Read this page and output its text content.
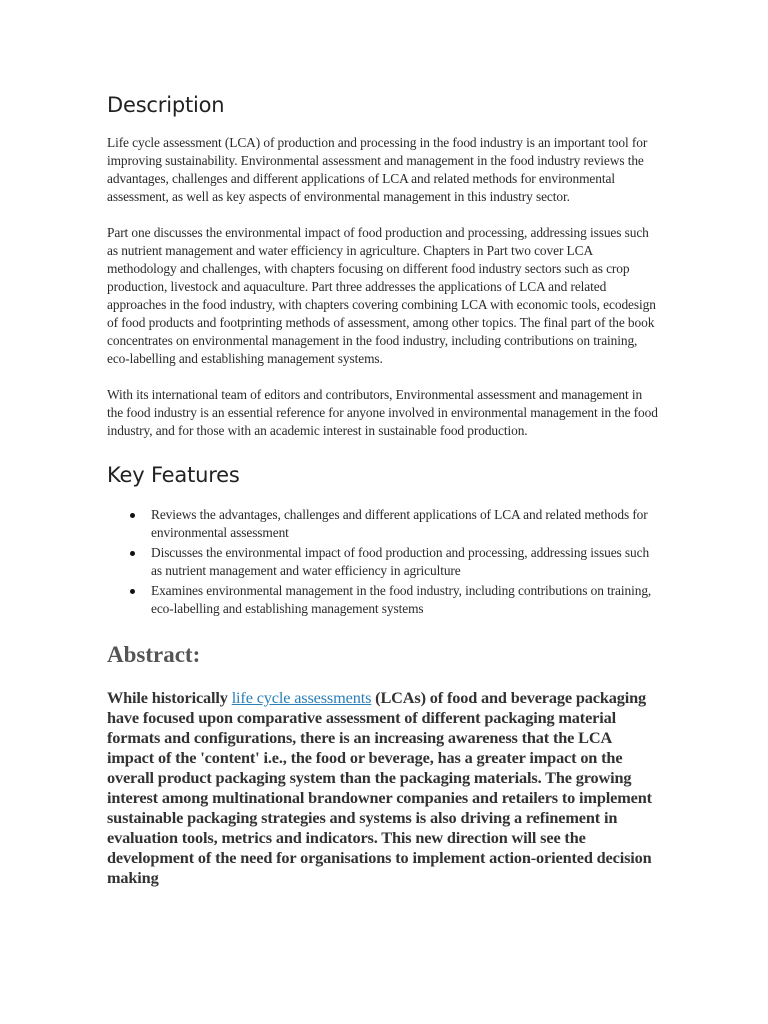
Description

Life cycle assessment (LCA) of production and processing in the food industry is an important tool for improving sustainability. Environmental assessment and management in the food industry reviews the advantages, challenges and different applications of LCA and related methods for environmental assessment, as well as key aspects of environmental management in this industry sector.

Part one discusses the environmental impact of food production and processing, addressing issues such as nutrient management and water efficiency in agriculture. Chapters in Part two cover LCA methodology and challenges, with chapters focusing on different food industry sectors such as crop production, livestock and aquaculture. Part three addresses the applications of LCA and related approaches in the food industry, with chapters covering combining LCA with economic tools, ecodesign of food products and footprinting methods of assessment, among other topics. The final part of the book concentrates on environmental management in the food industry, including contributions on training, eco-labelling and establishing management systems.

With its international team of editors and contributors, Environmental assessment and management in the food industry is an essential reference for anyone involved in environmental management in the food industry, and for those with an academic interest in sustainable food production.

Key Features
Reviews the advantages, challenges and different applications of LCA and related methods for environmental assessment
Discusses the environmental impact of food production and processing, addressing issues such as nutrient management and water efficiency in agriculture
Examines environmental management in the food industry, including contributions on training, eco-labelling and establishing management systems
Abstract:

While historically life cycle assessments (LCAs) of food and beverage packaging have focused upon comparative assessment of different packaging material formats and configurations, there is an increasing awareness that the LCA impact of the 'content' i.e., the food or beverage, has a greater impact on the overall product packaging system than the packaging materials. The growing interest among multinational brandowner companies and retailers to implement sustainable packaging strategies and systems is also driving a refinement in evaluation tools, metrics and indicators. This new direction will see the development of the need for organisations to implement action-oriented decision making
